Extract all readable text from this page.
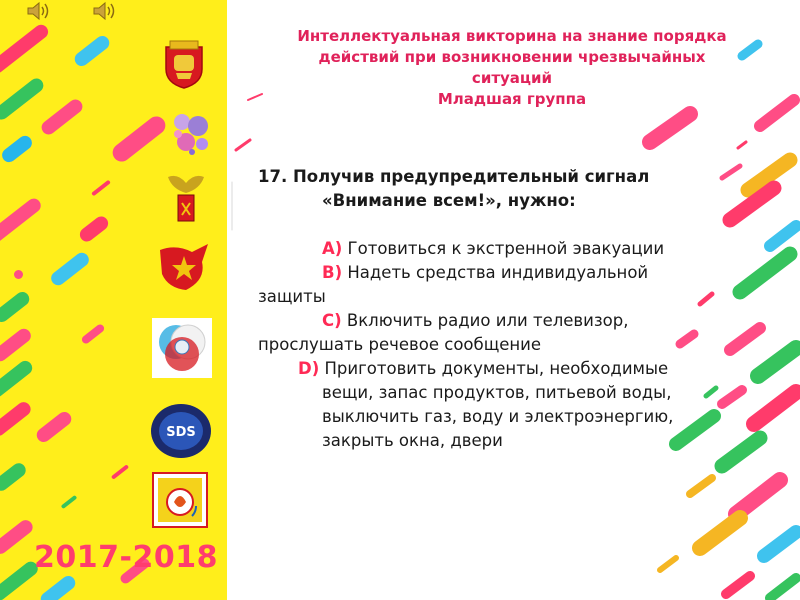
SDS
2017-2018
Интеллектуальная викторина на знание порядка
действий при возникновении чрезвычайных
ситуаций
Младшая группа
17. Получив предупредительный сигнал
«Внимание всем!», нужно:
A) Готовиться к экстренной эвакуации
B) Надеть средства индивидуальной
защиты
C) Включить радио или телевизор,
прослушать речевое сообщение
D) Приготовить документы, необходимые
вещи, запас продуктов, питьевой воды,
выключить газ, воду и электроэнергию,
закрыть окна, двери
